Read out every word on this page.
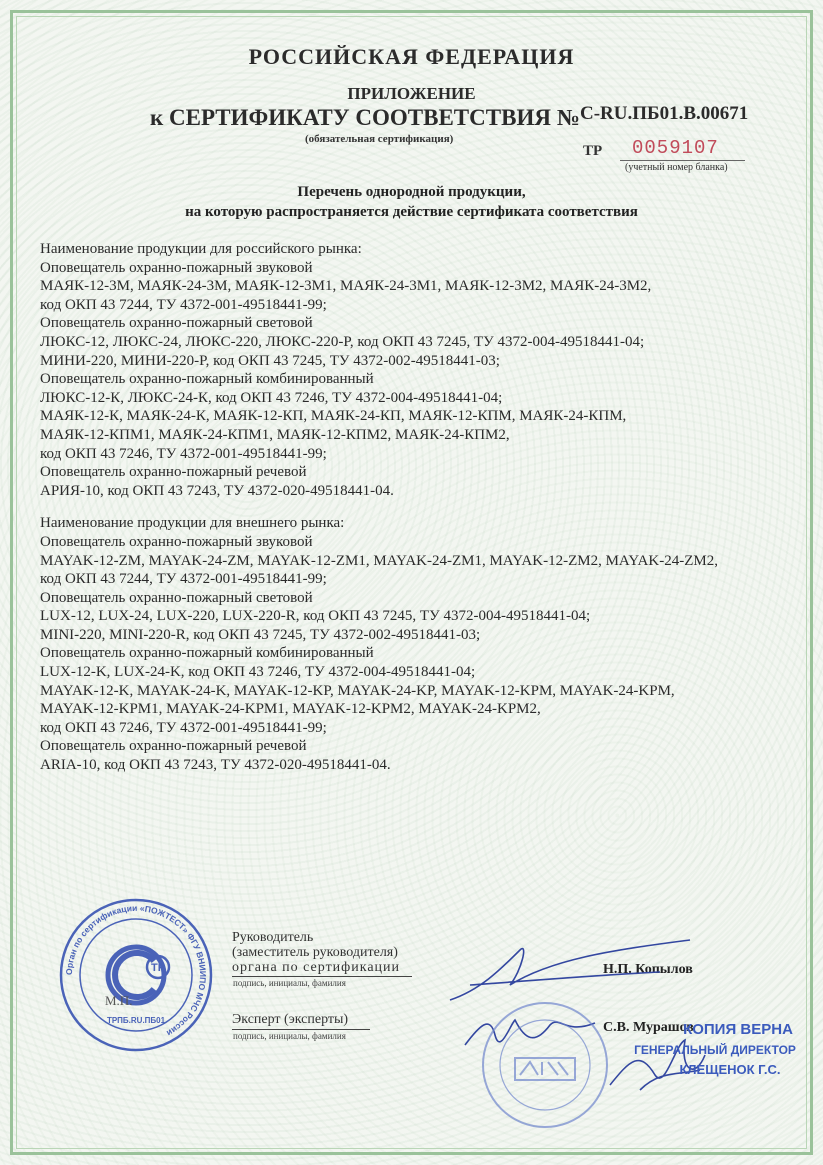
РОССИЙСКАЯ ФЕДЕРАЦИЯ
ПРИЛОЖЕНИЕ
к СЕРТИФИКАТУ СООТВЕТСТВИЯ № С-RU.ПБ01.В.00671
(обязательная сертификация)
ТР 0059107
(учетный номер бланка)
Перечень однородной продукции,
на которую распространяется действие сертификата соответствия

Наименование продукции для российского рынка:

Оповещатель охранно-пожарный звуковой

МАЯК-12-3М, МАЯК-24-3М, МАЯК-12-3М1, МАЯК-24-3М1, МАЯК-12-3М2, МАЯК-24-3М2,

код ОКП 43 7244, ТУ 4372-001-49518441-99;

Оповещатель охранно-пожарный световой

ЛЮКС-12, ЛЮКС-24, ЛЮКС-220, ЛЮКС-220-Р, код ОКП 43 7245, ТУ 4372-004-49518441-04;

МИНИ-220, МИНИ-220-Р, код ОКП 43 7245, ТУ 4372-002-49518441-03;

Оповещатель охранно-пожарный комбинированный

ЛЮКС-12-К, ЛЮКС-24-К, код ОКП 43 7246, ТУ 4372-004-49518441-04;

МАЯК-12-К, МАЯК-24-К, МАЯК-12-КП, МАЯК-24-КП, МАЯК-12-КПМ, МАЯК-24-КПМ,

МАЯК-12-КПМ1, МАЯК-24-КПМ1, МАЯК-12-КПМ2, МАЯК-24-КПМ2,

код ОКП 43 7246, ТУ 4372-001-49518441-99;

Оповещатель охранно-пожарный речевой

АРИЯ-10, код ОКП 43 7243, ТУ 4372-020-49518441-04.

Наименование продукции для внешнего рынка:

Оповещатель охранно-пожарный звуковой

MAYAK-12-ZM, MAYAK-24-ZM, MAYAK-12-ZM1, MAYAK-24-ZM1, MAYAK-12-ZM2, MAYAK-24-ZM2,

код ОКП 43 7244, ТУ 4372-001-49518441-99;

Оповещатель охранно-пожарный световой

LUX-12, LUX-24, LUX-220, LUX-220-R, код ОКП 43 7245, ТУ 4372-004-49518441-04;

MINI-220, MINI-220-R, код ОКП 43 7245, ТУ 4372-002-49518441-03;

Оповещатель охранно-пожарный комбинированный

LUX-12-K, LUX-24-K, код ОКП 43 7246, ТУ 4372-004-49518441-04;

MAYAK-12-K, MAYAK-24-K, MAYAK-12-KP, MAYAK-24-KP, MAYAK-12-KPM, MAYAK-24-KPM,

MAYAK-12-KPM1, MAYAK-24-KPM1, MAYAK-12-KPM2, MAYAK-24-KPM2,

код ОКП 43 7246, ТУ 4372-001-49518441-99;

Оповещатель охранно-пожарный речевой

ARIA-10, код ОКП 43 7243, ТУ 4372-020-49518441-04.

Орган по сертификации «ПОЖТЕСТ» ФГУ ВНИИПО МЧС России
TP
ТРПБ.RU.ПБ01
М.П.
Руководитель
(заместитель руководителя)
органа по сертификации
подпись, инициалы, фамилия
Н.П. Копылов
Эксперт (эксперты)
подпись, инициалы, фамилия
С.В. Мурашов
КОПИЯ ВЕРНА
ГЕНЕРАЛЬНЫЙ ДИРЕКТОР
КЛЕЩЕНОК Г.С.
